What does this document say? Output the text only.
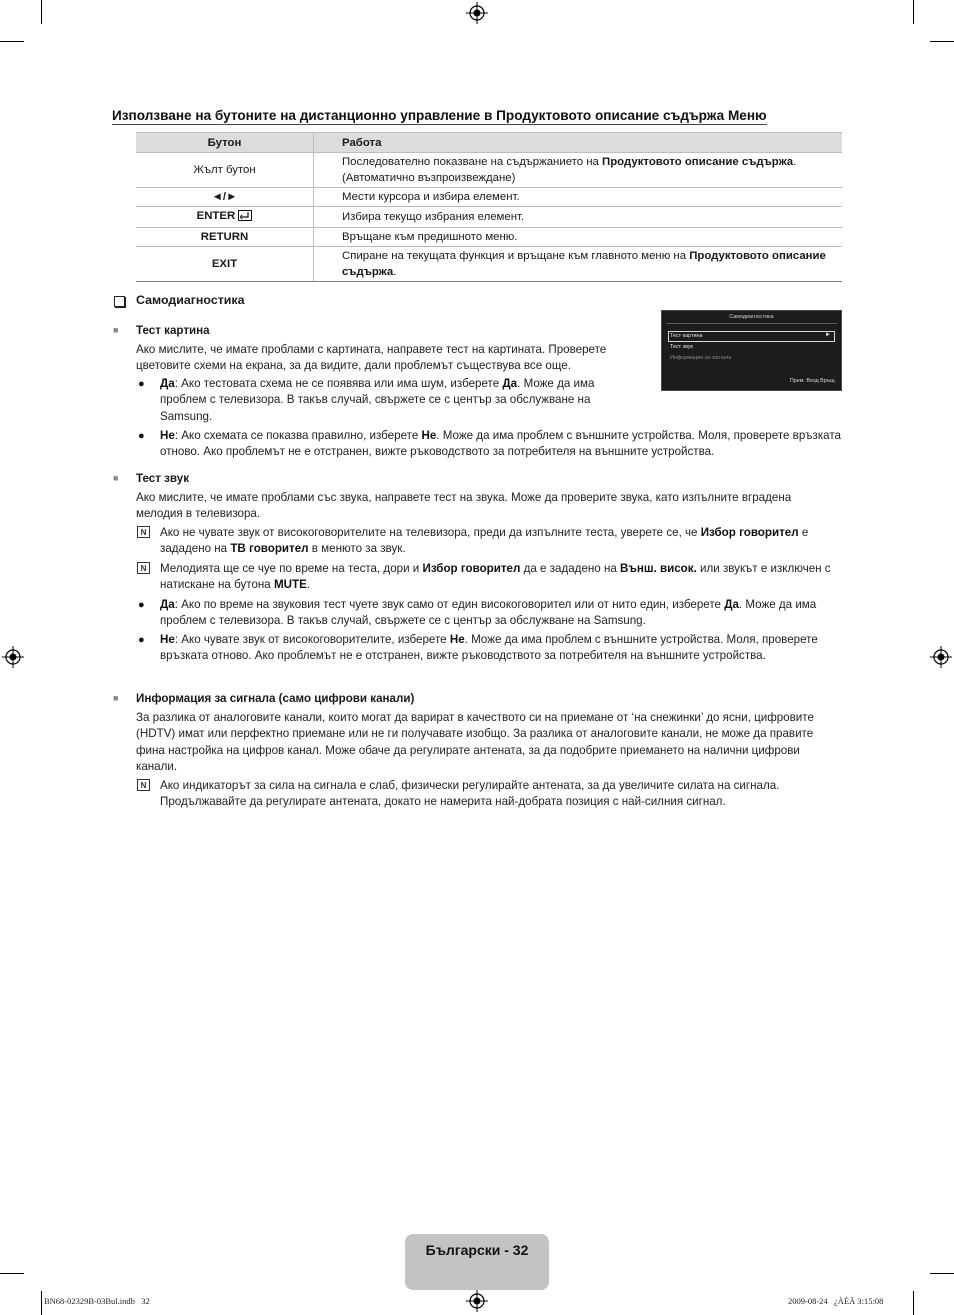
Използване на бутоните на дистанционно управление в Продуктовото описание съдържа Меню
Бутон	Работа
Жълт бутон	Последователно показване на съдържанието на Продуктовото описание съдържа. (Автоматично възпроизвеждане)
◄/►	Мести курсора и избира елемент.
ENTER	Избира текущо избрания елемент.
RETURN	Връщане към предишното меню.
EXIT	Спиране на текущата функция и връщане към главното меню на Продуктовото описание съдържа.
Самодиагностика
Самодиагностика
Тест картина	►
Тест звук
Информация за сигнала
Прем. Вход Връщ.
■ Тест картина
Ако мислите, че имате проблами с картината, направете тест на картината. Проверете цветовите схеми на екрана, за да видите, дали проблемът съществува все още.
● Да: Ако тестовата схема не се появява или има шум, изберете Да. Може да има проблем с телевизора. В такъв случай, свържете се с център за обслужване на Samsung.
● Не: Ако схемата се показва правилно, изберете Не. Може да има проблем с външните устройства. Моля, проверете връзката отново. Ако проблемът не е отстранен, вижте ръководството за потребителя на външните устройства.
■ Тест звук
Ако мислите, че имате проблами със звука, направете тест на звука. Може да проверите звука, като изпълните вградена мелодия в телевизора.
N Ако не чувате звук от високоговорителите на телевизора, преди да изпълните теста, уверете се, че Избор говорител е зададено на ТВ говорител в менюто за звук.
N Мелодията ще се чуе по време на теста, дори и Избор говорител да е зададено на Външ. висок. или звукът е изключен с натискане на бутона MUTE.
● Да: Ако по време на звуковия тест чуете звук само от един високоговорител или от нито един, изберете Да. Може да има проблем с телевизора. В такъв случай, свържете се с център за обслужване на Samsung.
● Не: Ако чувате звук от високоговорителите, изберете Не. Може да има проблем с външните устройства. Моля, проверете връзката отново. Ако проблемът не е отстранен, вижте ръководството за потребителя на външните устройства.
■ Информация за сигнала (само цифрови канали)
За разлика от аналоговите канали, които могат да варират в качеството си на приемане от ‘на снежинки’ до ясни, цифровите (HDTV) имат или перфектно приемане или не ги получавате изобщо. За разлика от аналоговите канали, не може да правите фина настройка на цифров канал. Може обаче да регулирате антената, за да подобрите приемането на налични цифрови канали.
N Ако индикаторът за сила на сигнала е слаб, физически регулирайте антената, за да увеличите силата на сигнала. Продължавайте да регулирате антената, докато не намерита най-добрата позиция с най-силния сигнал.
Български - 32
BN68-02329B-03Bul.indb   32	2009-08-24   ¿ÀÈÄ 3:15:08
